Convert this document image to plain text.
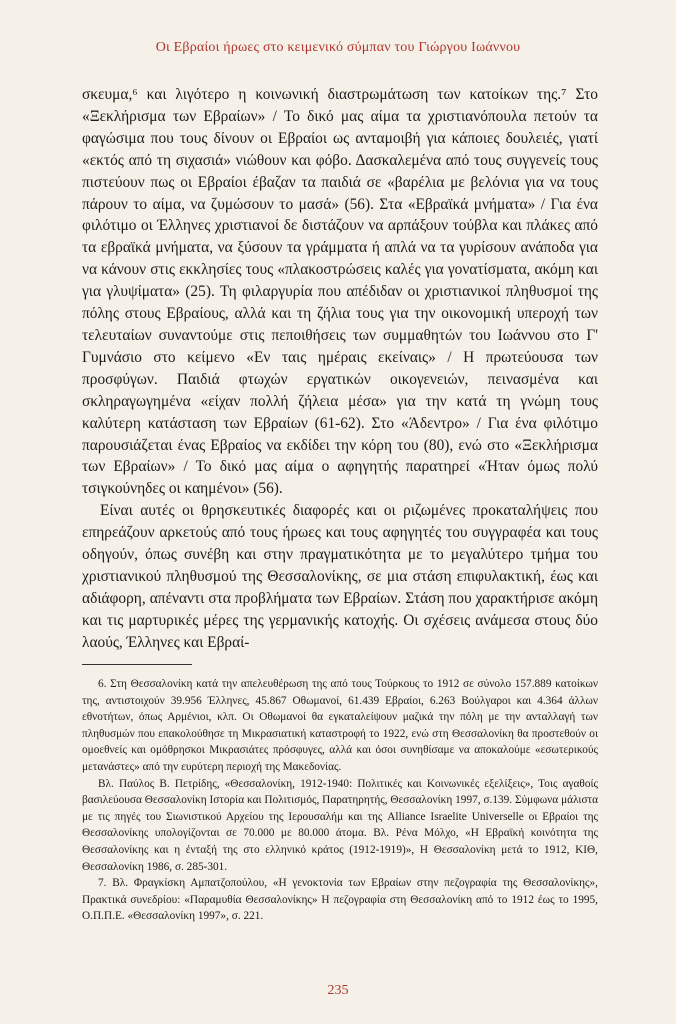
Οι Εβραίοι ήρωες στο κειμενικό σύμπαν του Γιώργου Ιωάννου

σκευμα,⁶ και λιγότερο η κοινωνική διαστρωμάτωση των κατοίκων της.⁷ Στο «Ξεκλήρισμα των Εβραίων» / Το δικό μας αίμα τα χριστιανόπουλα πετούν τα φαγώσιμα που τους δίνουν οι Εβραίοι ως ανταμοιβή για κάποιες δουλειές, γιατί «εκτός από τη σιχασιά» νιώθουν και φόβο. Δασκαλεμένα από τους συγγενείς τους πιστεύουν πως οι Εβραίοι έβαζαν τα παιδιά σε «βαρέλια με βελόνια για να τους πάρουν το αίμα, να ζυμώσουν το μασά» (56). Στα «Εβραϊκά μνήματα» / Για ένα φιλότιμο οι Έλληνες χριστιανοί δε διστάζουν να αρπάξουν τούβλα και πλάκες από τα εβραϊκά μνήματα, να ξύσουν τα γράμματα ή απλά να τα γυρίσουν ανάποδα για να κάνουν στις εκκλησίες τους «πλακοστρώσεις καλές για γονατίσματα, ακόμη και για γλυψίματα» (25). Τη φιλαργυρία που απέδιδαν οι χριστιανικοί πληθυσμοί της πόλης στους Εβραίους, αλλά και τη ζήλια τους για την οικονομική υπεροχή των τελευταίων συναντούμε στις πεποιθήσεις των συμμαθητών του Ιωάννου στο Γ' Γυμνάσιο στο κείμενο «Εν ταις ημέραις εκείναις» / Η πρωτεύουσα των προσφύγων. Παιδιά φτωχών εργατικών οικογενειών, πεινασμένα και σκληραγωγημένα «είχαν πολλή ζήλεια μέσα» για την κατά τη γνώμη τους καλύτερη κατάσταση των Εβραίων (61-62). Στο «Άδεντρο» / Για ένα φιλότιμο παρουσιάζεται ένας Εβραίος να εκδίδει την κόρη του (80), ενώ στο «Ξεκλήρισμα των Εβραίων» / Το δικό μας αίμα ο αφηγητής παρατηρεί «Ήταν όμως πολύ τσιγκούνηδες οι καημένοι» (56).

Είναι αυτές οι θρησκευτικές διαφορές και οι ριζωμένες προκαταλήψεις που επηρεάζουν αρκετούς από τους ήρωες και τους αφηγητές του συγγραφέα και τους οδηγούν, όπως συνέβη και στην πραγματικότητα με το μεγαλύτερο τμήμα του χριστιανικού πληθυσμού της Θεσσαλονίκης, σε μια στάση επιφυλακτική, έως και αδιάφορη, απέναντι στα προβλήματα των Εβραίων. Στάση που χαρακτήρισε ακόμη και τις μαρτυρικές μέρες της γερμανικής κατοχής. Οι σχέσεις ανάμεσα στους δύο λαούς, Έλληνες και Εβραί-

6. Στη Θεσσαλονίκη κατά την απελευθέρωση της από τους Τούρκους το 1912 σε σύνολο 157.889 κατοίκων της, αντιστοιχούν 39.956 Έλληνες, 45.867 Οθωμανοί, 61.439 Εβραίοι, 6.263 Βούλγαροι και 4.364 άλλων εθνοτήτων, όπως Αρμένιοι, κλπ. Οι Οθωμανοί θα εγκαταλείψουν μαζικά την πόλη με την ανταλλαγή των πληθυσμών που επακολούθησε τη Μικρασιατική καταστροφή το 1922, ενώ στη Θεσσαλονίκη θα προστεθούν οι ομοεθνείς και ομόθρησκοι Μικρασιάτες πρόσφυγες, αλλά και όσοι συνηθίσαμε να αποκαλούμε «εσωτερικούς μετανάστες» από την ευρύτερη περιοχή της Μακεδονίας.

Βλ. Παύλος Β. Πετρίδης, «Θεσσαλονίκη, 1912-1940: Πολιτικές και Κοινωνικές εξελίξεις», Τοις αγαθοίς βασιλεύουσα Θεσσαλονίκη Ιστορία και Πολιτισμός, Παρατηρητής, Θεσσαλονίκη 1997, σ.139. Σύμφωνα μάλιστα με τις πηγές του Σιωνιστικού Αρχείου της Ιερουσαλήμ και της Alliance Israelite Universelle οι Εβραίοι της Θεσσαλονίκης υπολογίζονται σε 70.000 με 80.000 άτομα. Βλ. Ρένα Μόλχο, «Η Εβραϊκή κοινότητα της Θεσσαλονίκης και η ένταξή της στο ελληνικό κράτος (1912-1919)», Η Θεσσαλονίκη μετά το 1912, ΚΙΘ, Θεσσαλονίκη 1986, σ. 285-301.

7. Βλ. Φραγκίσκη Αμπατζοπούλου, «Η γενοκτονία των Εβραίων στην πεζογραφία της Θεσσαλονίκης», Πρακτικά συνεδρίου: «Παραμυθία Θεσσαλονίκης» Η πεζογραφία στη Θεσσαλονίκη από το 1912 έως το 1995, Ο.Π.Π.Ε. «Θεσσαλονίκη 1997», σ. 221.

235
